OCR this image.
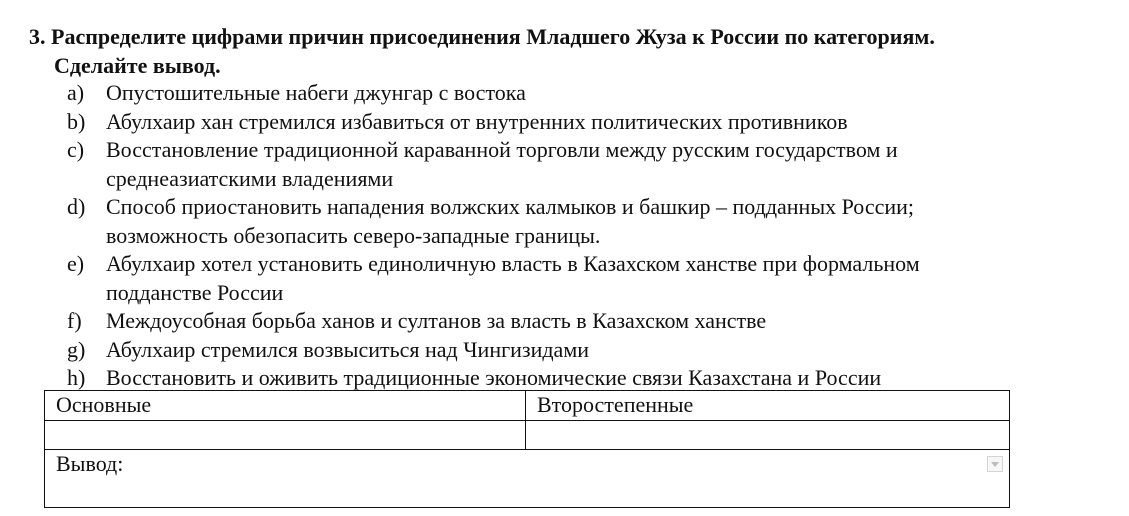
3. Распределите цифрами причин присоединения Младшего Жуза к России по категориям.
Сделайте вывод.
a) Опустошительные набеги джунгар с востока
b) Абулхаир хан стремился избавиться от внутренних политических противников
c) Восстановление традиционной караванной торговли между русским государством и
среднеазиатскими владениями
d) Способ приостановить нападения волжских калмыков и башкир – подданных России;
возможность обезопасить северо-западные границы.
e) Абулхаир хотел установить единоличную власть в Казахском ханстве при формальном
подданстве России
f) Междоусобная борьба ханов и султанов за власть в Казахском ханстве
g) Абулхаир стремился возвыситься над Чингизидами
h) Восстановить и оживить традиционные экономические связи Казахстана и России
Основные	Второстепенные

Вывод:	
